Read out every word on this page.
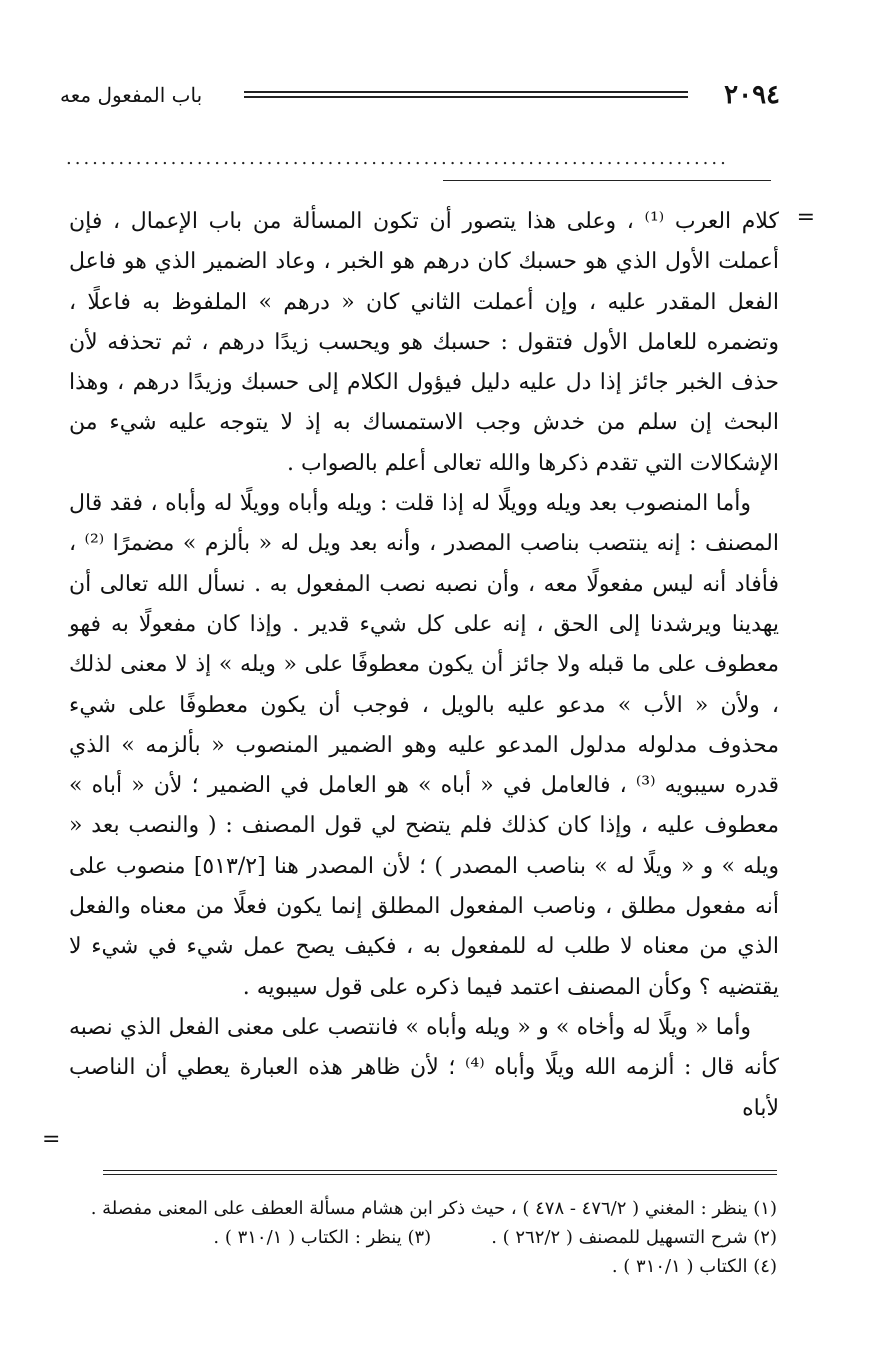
٢٠٩٤
باب المفعول معه
............................................................................
=

كلام العرب ⁽¹⁾ ، وعلى هذا يتصور أن تكون المسألة من باب الإعمال ، فإن أعملت الأول الذي هو حسبك كان درهم هو الخبر ، وعاد الضمير الذي هو فاعل الفعل المقدر عليه ، وإن أعملت الثاني كان « درهم » الملفوظ به فاعلًا ، وتضمره للعامل الأول فتقول : حسبك هو ويحسب زيدًا درهم ، ثم تحذفه لأن حذف الخبر جائز إذا دل عليه دليل فيؤول الكلام إلى حسبك وزيدًا درهم ، وهذا البحث إن سلم من خدش وجب الاستمساك به إذ لا يتوجه عليه شيء من الإشكالات التي تقدم ذكرها والله تعالى أعلم بالصواب .

وأما المنصوب بعد ويله وويلًا له إذا قلت : ويله وأباه وويلًا له وأباه ، فقد قال المصنف : إنه ينتصب بناصب المصدر ، وأنه بعد ويل له « بألزم » مضمرًا ⁽²⁾ ، فأفاد أنه ليس مفعولًا معه ، وأن نصبه نصب المفعول به . نسأل الله تعالى أن يهدينا ويرشدنا إلى الحق ، إنه على كل شيء قدير . وإذا كان مفعولًا به فهو معطوف على ما قبله ولا جائز أن يكون معطوفًا على « ويله » إذ لا معنى لذلك ، ولأن « الأب » مدعو عليه بالويل ، فوجب أن يكون معطوفًا على شيء محذوف مدلوله مدلول المدعو عليه وهو الضمير المنصوب « بألزمه » الذي قدره سيبويه ⁽³⁾ ، فالعامل في « أباه » هو العامل في الضمير ؛ لأن « أباه » معطوف عليه ، وإذا كان كذلك فلم يتضح لي قول المصنف : ( والنصب بعد « ويله » و « ويلًا له » بناصب المصدر ) ؛ لأن المصدر هنا [٥١٣/٢] منصوب على أنه مفعول مطلق ، وناصب المفعول المطلق إنما يكون فعلًا من معناه والفعل الذي من معناه لا طلب له للمفعول به ، فكيف يصح عمل شيء في شيء لا يقتضيه ؟ وكأن المصنف اعتمد فيما ذكره على قول سيبويه .

وأما « ويلًا له وأخاه » و « ويله وأباه » فانتصب على معنى الفعل الذي نصبه كأنه قال : ألزمه الله ويلًا وأباه ⁽⁴⁾ ؛ لأن ظاهر هذه العبارة يعطي أن الناصب لأباه

=
(١) ينظر : المغني ( ٤٧٦/٢ - ٤٧٨ ) ، حيث ذكر ابن هشام مسألة العطف على المعنى مفصلة .
(٢) شرح التسهيل للمصنف ( ٢٦٢/٢ ) .(٣) ينظر : الكتاب ( ٣١٠/١ ) .
(٤) الكتاب ( ٣١٠/١ ) .
